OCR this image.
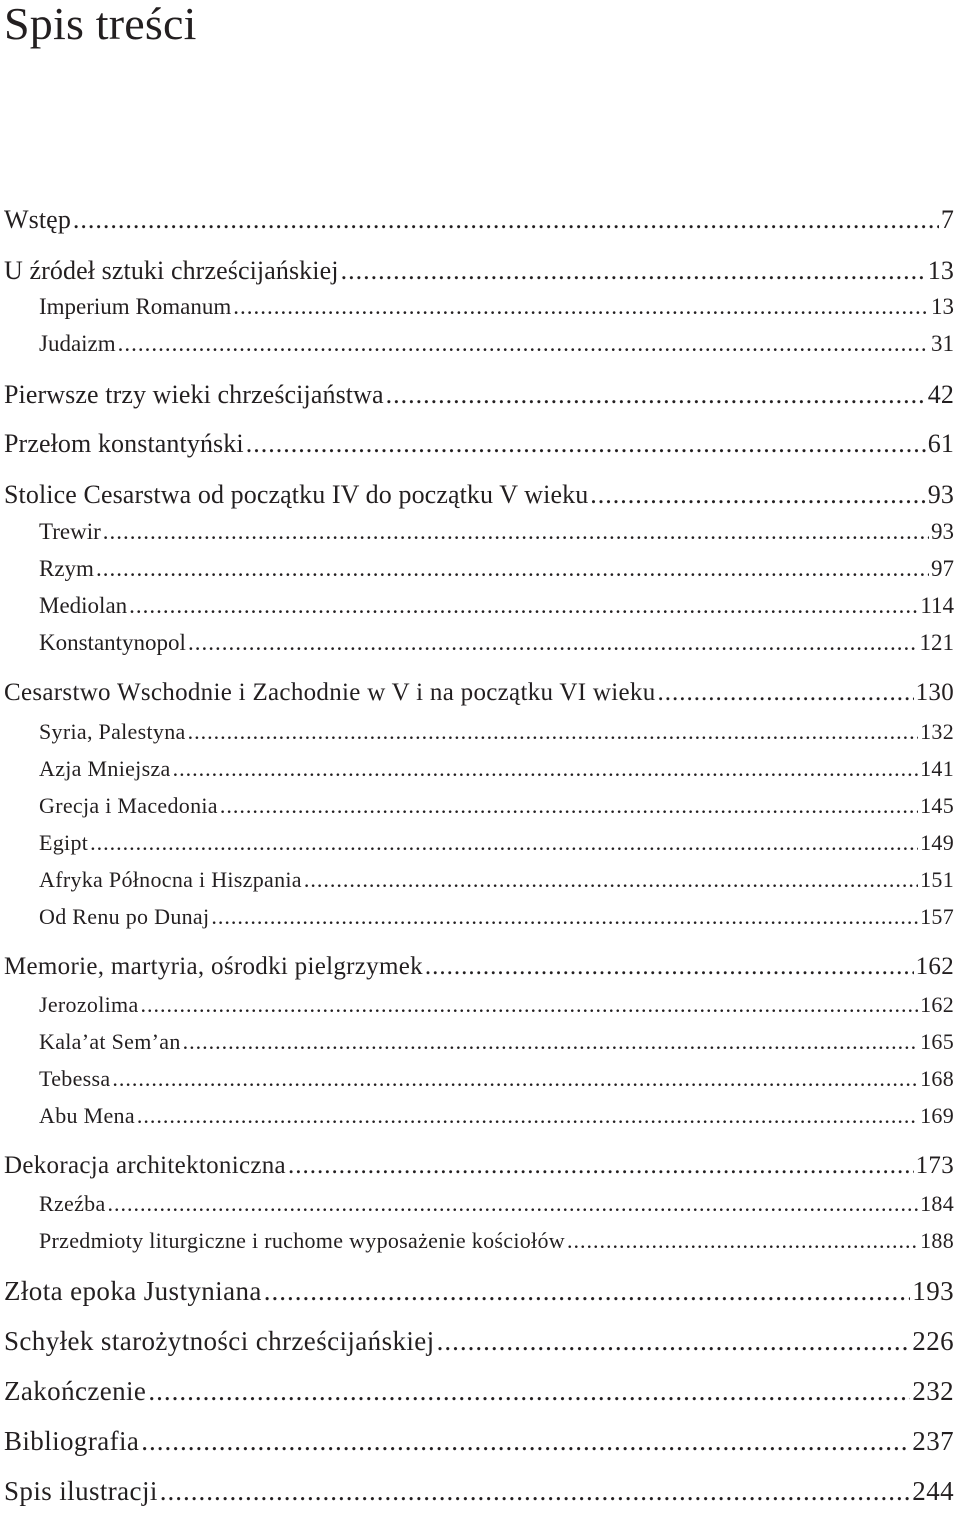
Spis treści
Wstęp .....	7
U źródeł sztuki chrześcijańskiej .....	13
Imperium Romanum .....	13
Judaizm .....	31
Pierwsze trzy wieki chrześcijaństwa .....	42
Przełom konstantyński .....	61
Stolice Cesarstwa od początku IV do początku V wieku .....	93
Trewir .....	93
Rzym .....	97
Mediolan .....	114
Konstantynopol .....	121
Cesarstwo Wschodnie i Zachodnie w V i na początku VI wieku .....	130
Syria, Palestyna .....	132
Azja Mniejsza .....	141
Grecja i Macedonia .....	145
Egipt .....	149
Afryka Północna i Hiszpania .....	151
Od Renu po Dunaj .....	157
Memorie, martyria, ośrodki pielgrzymek .....	162
Jerozolima .....	162
Kala’at Sem’an .....	165
Tebessa .....	168
Abu Mena .....	169
Dekoracja architektoniczna .....	173
Rzeźba .....	184
Przedmioty liturgiczne i ruchome wyposażenie kościołów .....	188
Złota epoka Justyniana .....	193
Schyłek starożytności chrześcijańskiej .....	226
Zakończenie .....	232
Bibliografia .....	237
Spis ilustracji .....	244
